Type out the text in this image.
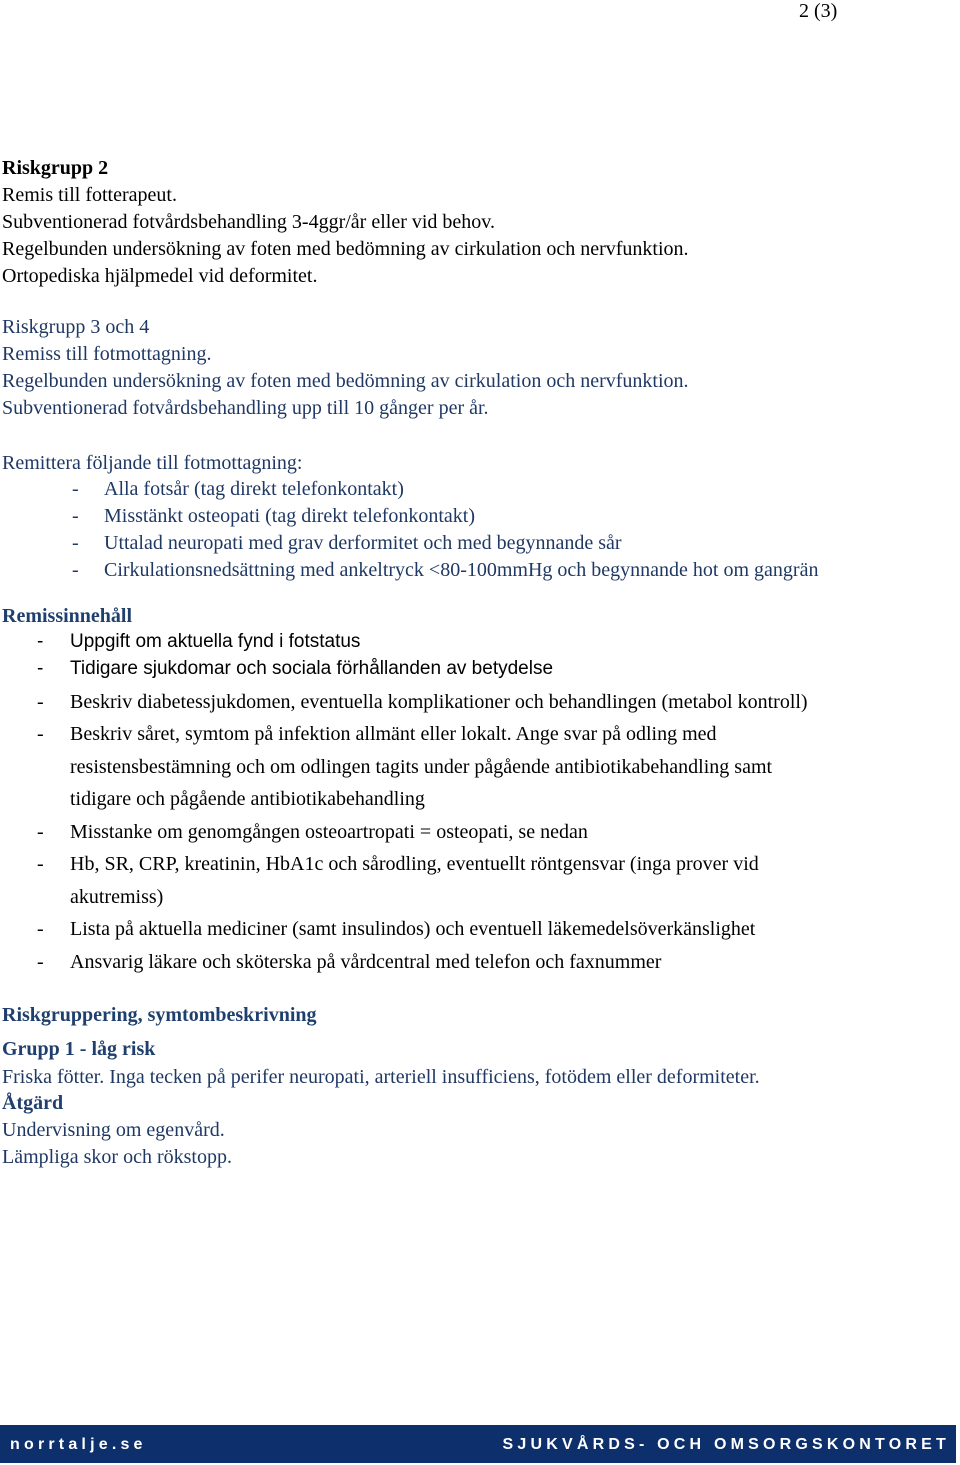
2 (3)
Riskgrupp 2
Remis till fotterapeut.
Subventionerad fotvårdsbehandling 3-4ggr/år eller vid behov.
Regelbunden undersökning av foten med bedömning av cirkulation och nervfunktion.
Ortopediska hjälpmedel vid deformitet.
Riskgrupp 3 och 4
Remiss till fotmottagning.
Regelbunden undersökning av foten med bedömning av cirkulation och nervfunktion.
Subventionerad fotvårdsbehandling upp till 10 gånger per år.
Remittera följande till fotmottagning:
- Alla fotsår (tag direkt telefonkontakt)
- Misstänkt osteopati (tag direkt telefonkontakt)
- Uttalad neuropati med grav derformitet och med begynnande sår
- Cirkulationsnedsättning med ankeltryck <80-100mmHg och begynnande hot om gangrän
Remissinnehåll
- Uppgift om aktuella fynd i fotstatus
- Tidigare sjukdomar och sociala förhållanden av betydelse
- Beskriv diabetessjukdomen, eventuella komplikationer och behandlingen (metabol kontroll)
- Beskriv såret, symtom på infektion allmänt eller lokalt. Ange svar på odling med
resistensbestämning och om odlingen tagits under pågående antibiotikabehandling samt
tidigare och pågående antibiotikabehandling
- Misstanke om genomgången osteoartropati = osteopati, se nedan
- Hb, SR, CRP, kreatinin, HbA1c och sårodling, eventuellt röntgensvar (inga prover vid
akutremiss)
- Lista på aktuella mediciner (samt insulindos) och eventuell läkemedelsöverkänslighet
- Ansvarig läkare och sköterska på vårdcentral med telefon och faxnummer
Riskgruppering, symtombeskrivning
Grupp 1 - låg risk
Friska fötter. Inga tecken på perifer neuropati, arteriell insufficiens, fotödem eller deformiteter.
Åtgärd
Undervisning om egenvård.
Lämpliga skor och rökstopp.
norrtalje.se	SJUKVÅRDS- OCH OMSORGSKONTORET
